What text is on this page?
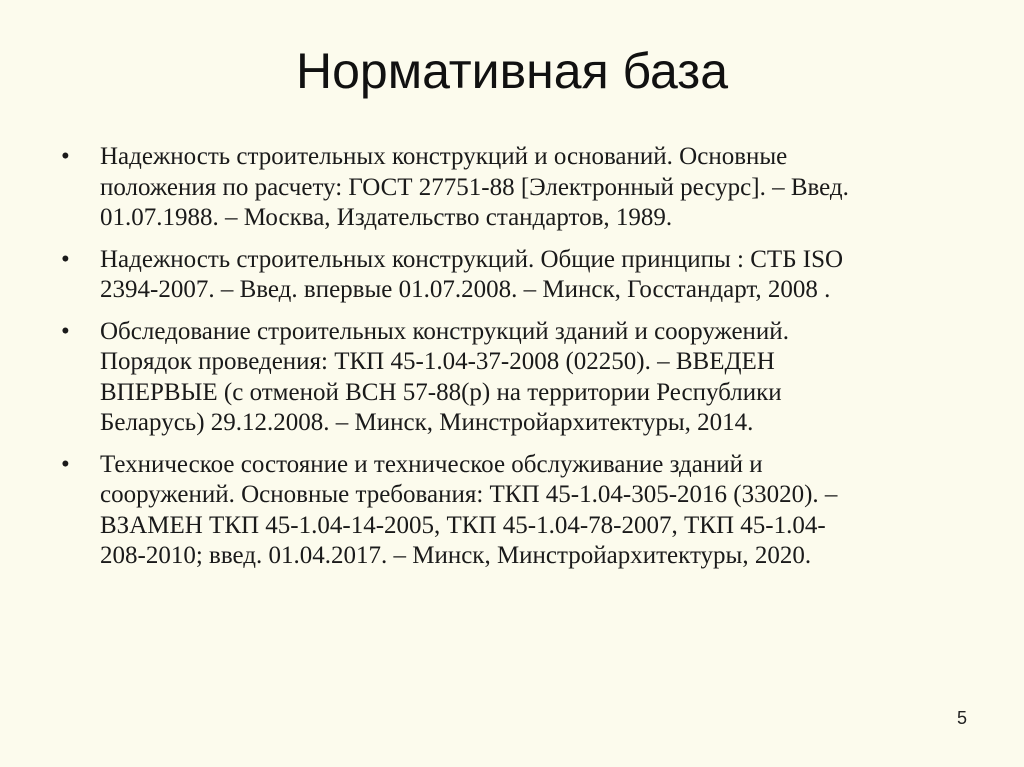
Нормативная база
• Надежность строительных конструкций и оснований. Основные
положения по расчету: ГОСТ 27751-88 [Электронный ресурс]. – Введ.
01.07.1988. – Москва, Издательство стандартов, 1989.
• Надежность строительных конструкций. Общие принципы : СТБ ISO
2394-2007. – Введ. впервые 01.07.2008. – Минск, Госстандарт, 2008 .
• Обследование строительных конструкций зданий и сооружений.
Порядок проведения: ТКП 45-1.04-37-2008 (02250). – ВВЕДЕН
ВПЕРВЫЕ (с отменой ВСН 57-88(р) на территории Республики
Беларусь) 29.12.2008. – Минск, Минстройархитектуры, 2014.
• Техническое состояние и техническое обслуживание зданий и
сооружений. Основные требования: ТКП 45-1.04-305-2016 (33020). –
ВЗАМЕН ТКП 45-1.04-14-2005, ТКП 45-1.04-78-2007, ТКП 45-1.04-
208-2010; введ. 01.04.2017. – Минск, Минстройархитектуры, 2020.
5
